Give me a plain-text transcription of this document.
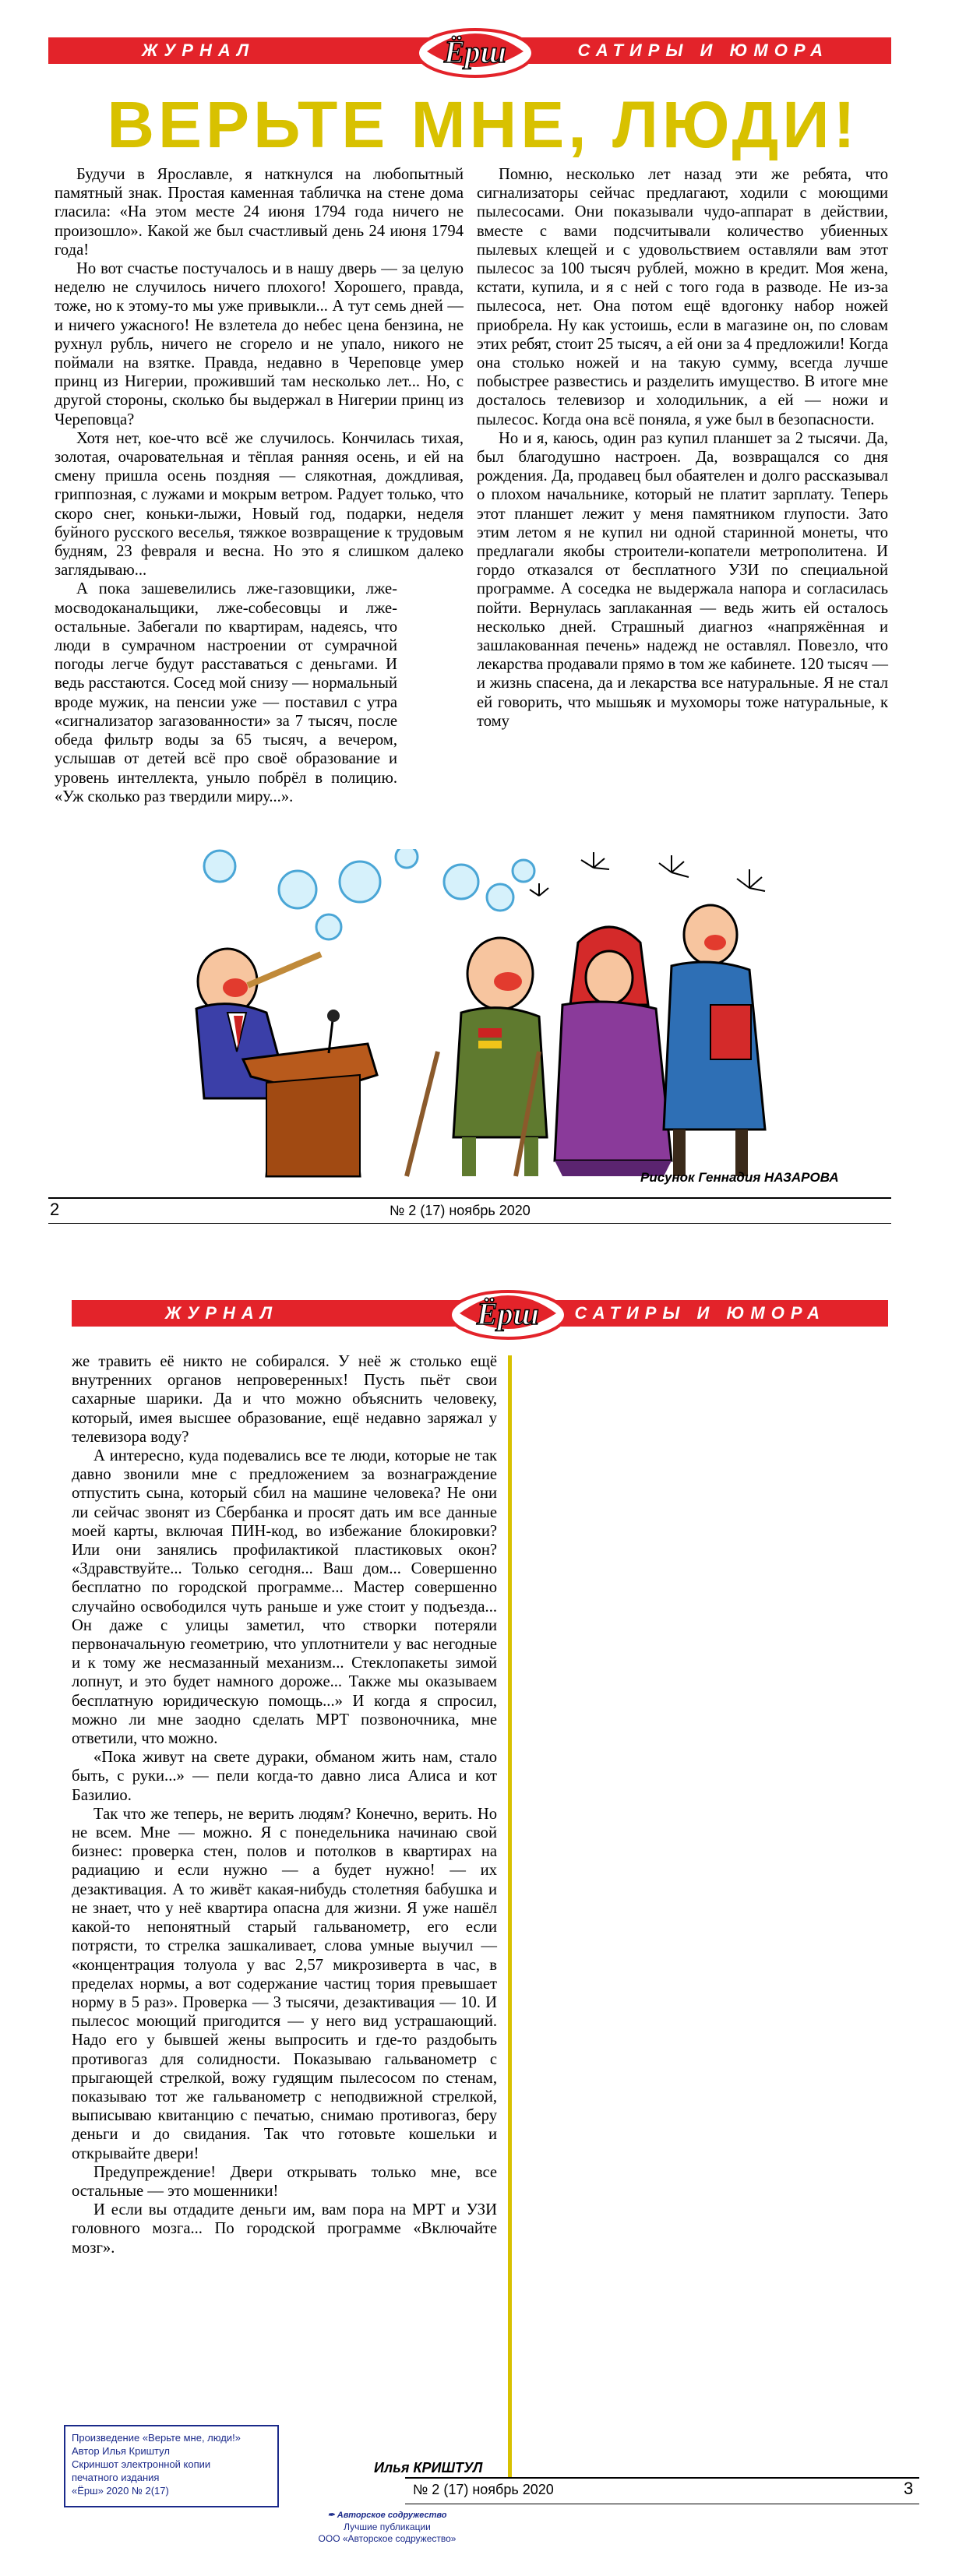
ЖУРНАЛ	САТИРЫ И ЮМОРА
Ёрш
ВЕРЬТЕ МНЕ, ЛЮДИ!

Будучи в Ярославле, я наткнулся на любопытный памятный знак. Простая каменная табличка на стене дома гласила: «На этом месте 24 июня 1794 года ничего не произошло». Какой же был счастливый день 24 июня 1794 года!

Но вот счастье постучалось и в нашу дверь — за целую неделю не случилось ничего плохого! Хорошего, правда, тоже, но к этому-то мы уже привыкли... А тут семь дней — и ничего ужасного! Не взлетела до небес цена бензина, не рухнул рубль, ничего не сгорело и не упало, никого не поймали на взятке. Правда, недавно в Череповце умер принц из Нигерии, проживший там несколько лет... Но, с другой стороны, сколько бы выдержал в Нигерии принц из Череповца?

Хотя нет, кое-что всё же случилось. Кончилась тихая, золотая, очаровательная и тёплая ранняя осень, и ей на смену пришла осень поздняя — слякотная, дождливая, гриппозная, с лужами и мокрым ветром. Радует только, что скоро снег, коньки-лыжи, Новый год, подарки, неделя буйного русского веселья, тяжкое возвращение к трудовым будням, 23 февраля и весна. Но это я слишком далеко заглядываю...

А пока зашевелились лже-газовщики, лже-мосводоканальщики, лже-собесовцы и лже-остальные. Забегали по квартирам, надеясь, что люди в сумрачном настроении от сумрачной погоды легче будут расставаться с деньгами. И ведь расстаются. Сосед мой снизу — нормальный вроде мужик, на пенсии уже — поставил с утра «сигнализатор загазованности» за 7 тысяч, после обеда фильтр воды за 65 тысяч, а вечером, услышав от детей всё про своё образование и уровень интеллекта, унылo побрёл в полицию. «Уж сколько раз твердили миру...».

Помню, несколько лет назад эти же ребята, что сигнализаторы сейчас предлагают, ходили с моющими пылесосами. Они показывали чудо-аппарат в действии, вместе с вами подсчитывали количество убиенных пылевых клещей и с удовольствием оставляли вам этот пылесос за 100 тысяч рублей, можно в кредит. Моя жена, кстати, купила, и я с ней с того года в разводе. Не из-за пылесоса, нет. Она потом ещё вдогонку набор ножей приобрела. Ну как устоишь, если в магазине он, по словам этих ребят, стоит 25 тысяч, а ей они за 4 предложили! Когда она столько ножей и на такую сумму, всегда лучше побыстрее развестись и разделить имущество. В итоге мне досталось телевизор и холодильник, а ей — ножи и пылесос. Когда она всё поняла, я уже был в безопасности.

Но и я, каюсь, один раз купил планшет за 2 тысячи. Да, был благодушно настроен. Да, возвращался со дня рождения. Да, продавец был обаятелен и долго рассказывал о плохом начальнике, который не платит зарплату. Теперь этот планшет лежит у меня памятником глупости. Зато этим летом я не купил ни одной старинной монеты, что предлагали якобы строители-копатели метрополитена. И гордо отказался от бесплатного УЗИ по специальной программе. А соседка не выдержала напора и согласилась пойти. Вернулась заплаканная — ведь жить ей осталось несколько дней. Страшный диагноз «напряжённая и зашлакованная печень» надежд не оставлял. Повезло, что лекарства продавали прямо в том же кабинете. 120 тысяч — и жизнь спасена, да и лекарства все натуральные. Я не стал ей говорить, что мышьяк и мухоморы тоже натуральные, к тому

Рисунок Геннадия НАЗАРОВА
2	№ 2 (17) ноябрь 2020
ЖУРНАЛ	САТИРЫ И ЮМОРА
Ёрш

же травить её никто не собирался. У неё ж столько ещё внутренних органов непроверенных! Пусть пьёт свои сахарные шарики. Да и что можно объяснить человеку, который, имея высшее образование, ещё недавно заряжал у телевизора воду?

А интересно, куда подевались все те люди, которые не так давно звонили мне с предложением за вознаграждение отпустить сына, который сбил на машине человека? Не они ли сейчас звонят из Сбербанка и просят дать им все данные моей карты, включая ПИН-код, во избежание блокировки? Или они занялись профилактикой пластиковых окон? «Здравствуйте... Только сегодня... Ваш дом... Совершенно бесплатно по городской программе... Мастер совершенно случайно освободился чуть раньше и уже стоит у подъезда... Он даже с улицы заметил, что створки потеряли первоначальную геометрию, что уплотнители у вас негодные и к тому же несмазанный механизм... Стеклопакеты зимой лопнут, и это будет намного дороже... Также мы оказываем бесплатную юридическую помощь...» И когда я спросил, можно ли мне заодно сделать МРТ позвоночника, мне ответили, что можно.

«Пока живут на свете дураки, обманом жить нам, стало быть, с руки...» — пели когда-то давно лиса Алиса и кот Базилио.

Так что же теперь, не верить людям? Конечно, верить. Но не всем. Мне — можно. Я с понедельника начинаю свой бизнес: проверка стен, полов и потолков в квартирах на радиацию и если нужно — а будет нужно! — их дезактивация. А то живёт какая-нибудь столетняя бабушка и не знает, что у неё квартира опасна для жизни. Я уже нашёл какой-то непонятный старый гальванометр, его если потрясти, то стрелка зашкаливает, слова умные выучил — «концентрация толуола у вас 2,57 микрозиверта в час, в пределах нормы, а вот содержание частиц тория превышает норму в 5 раз». Проверка — 3 тысячи, дезактивация — 10. И пылесос моющий пригодится — у него вид устрашающий. Надо его у бывшей жены выпросить и где-то раздобыть противогаз для солидности. Показываю гальванометр с прыгающей стрелкой, вожу гудящим пылесосом по стенам, показываю тот же гальванометр с неподвижной стрелкой, выписываю квитанцию с печатью, снимаю противогаз, беру деньги и до свидания. Так что готовьте кошельки и открывайте двери!

Предупреждение! Двери открывать только мне, все остальные — это мошенники!

И если вы отдадите деньги им, вам пора на МРТ и УЗИ головного мозга... По городской программе «Включайте мозг».

Илья КРИШТУЛ
Произведение «Верьте мне, люди!»
Автор Илья Криштул
Скриншот электронной копии
печатного издания
«Ёрш» 2020 № 2(17)	№ 2 (17) ноябрь 2020	3
✒ Авторское содружество
Лучшие публикации
ООО «Авторское содружество»
